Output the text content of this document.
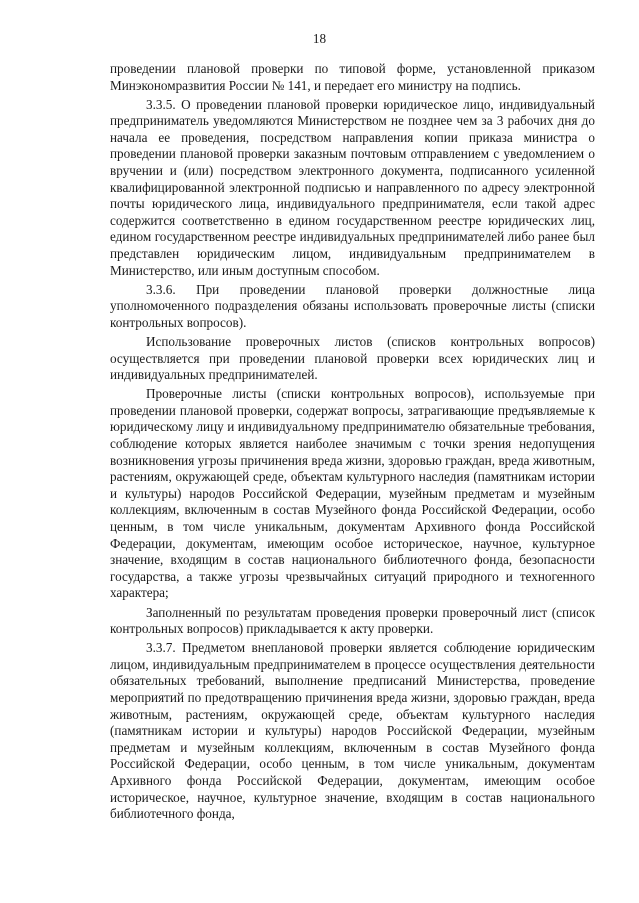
18

проведении плановой проверки по типовой форме, установленной приказом Минэкономразвития России № 141, и передает его министру на подпись.

3.3.5. О проведении плановой проверки юридическое лицо, индивидуальный предприниматель уведомляются Министерством не позднее чем за 3 рабочих дня до начала ее проведения, посредством направления копии приказа министра о проведении плановой проверки заказным почтовым отправлением с уведомлением о вручении и (или) посредством электронного документа, подписанного усиленной квалифицированной электронной подписью и направленного по адресу электронной почты юридического лица, индивидуального предпринимателя, если такой адрес содержится соответственно в едином государственном реестре юридических лиц, едином государственном реестре индивидуальных предпринимателей либо ранее был представлен юридическим лицом, индивидуальным предпринимателем в Министерство, или иным доступным способом.

3.3.6. При проведении плановой проверки должностные лица уполномоченного подразделения обязаны использовать проверочные листы (списки контрольных вопросов).

Использование проверочных листов (списков контрольных вопросов) осуществляется при проведении плановой проверки всех юридических лиц и индивидуальных предпринимателей.

Проверочные листы (списки контрольных вопросов), используемые при проведении плановой проверки, содержат вопросы, затрагивающие предъявляемые к юридическому лицу и индивидуальному предпринимателю обязательные требования, соблюдение которых является наиболее значимым с точки зрения недопущения возникновения угрозы причинения вреда жизни, здоровью граждан, вреда животным, растениям, окружающей среде, объектам культурного наследия (памятникам истории и культуры) народов Российской Федерации, музейным предметам и музейным коллекциям, включенным в состав Музейного фонда Российской Федерации, особо ценным, в том числе уникальным, документам Архивного фонда Российской Федерации, документам, имеющим особое историческое, научное, культурное значение, входящим в состав национального библиотечного фонда, безопасности государства, а также угрозы чрезвычайных ситуаций природного и техногенного характера;

Заполненный по результатам проведения проверки проверочный лист (список контрольных вопросов) прикладывается к акту проверки.

3.3.7. Предметом внеплановой проверки является соблюдение юридическим лицом, индивидуальным предпринимателем в процессе осуществления деятельности обязательных требований, выполнение предписаний Министерства, проведение мероприятий по предотвращению причинения вреда жизни, здоровью граждан, вреда животным, растениям, окружающей среде, объектам культурного наследия (памятникам истории и культуры) народов Российской Федерации, музейным предметам и музейным коллекциям, включенным в состав Музейного фонда Российской Федерации, особо ценным, в том числе уникальным, документам Архивного фонда Российской Федерации, документам, имеющим особое историческое, научное, культурное значение, входящим в состав национального библиотечного фонда,
